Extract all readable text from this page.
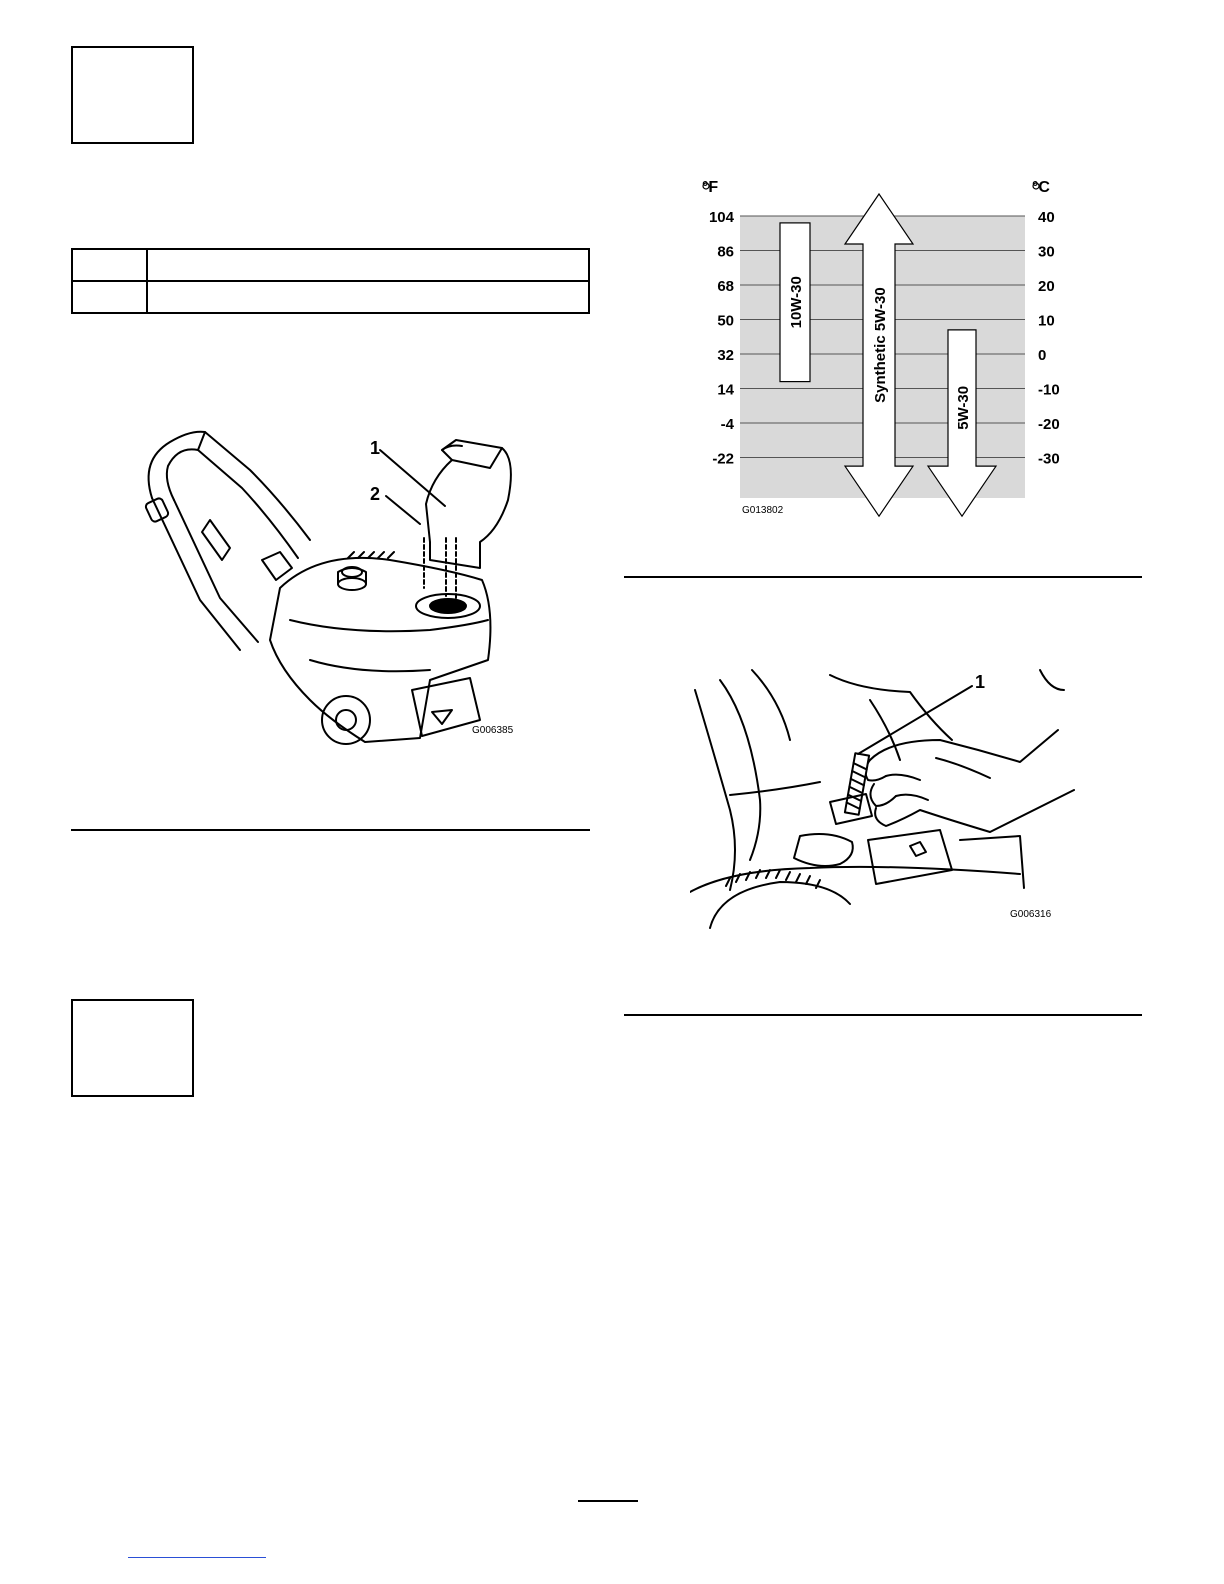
1
2
G006385
104	40
86	30
68	20
50	10
32	0
14	-10
-4	-20
-22	-30
10W-30	Synthetic 5W-30
5W-30
°F	°C
G013802
1
G006316
